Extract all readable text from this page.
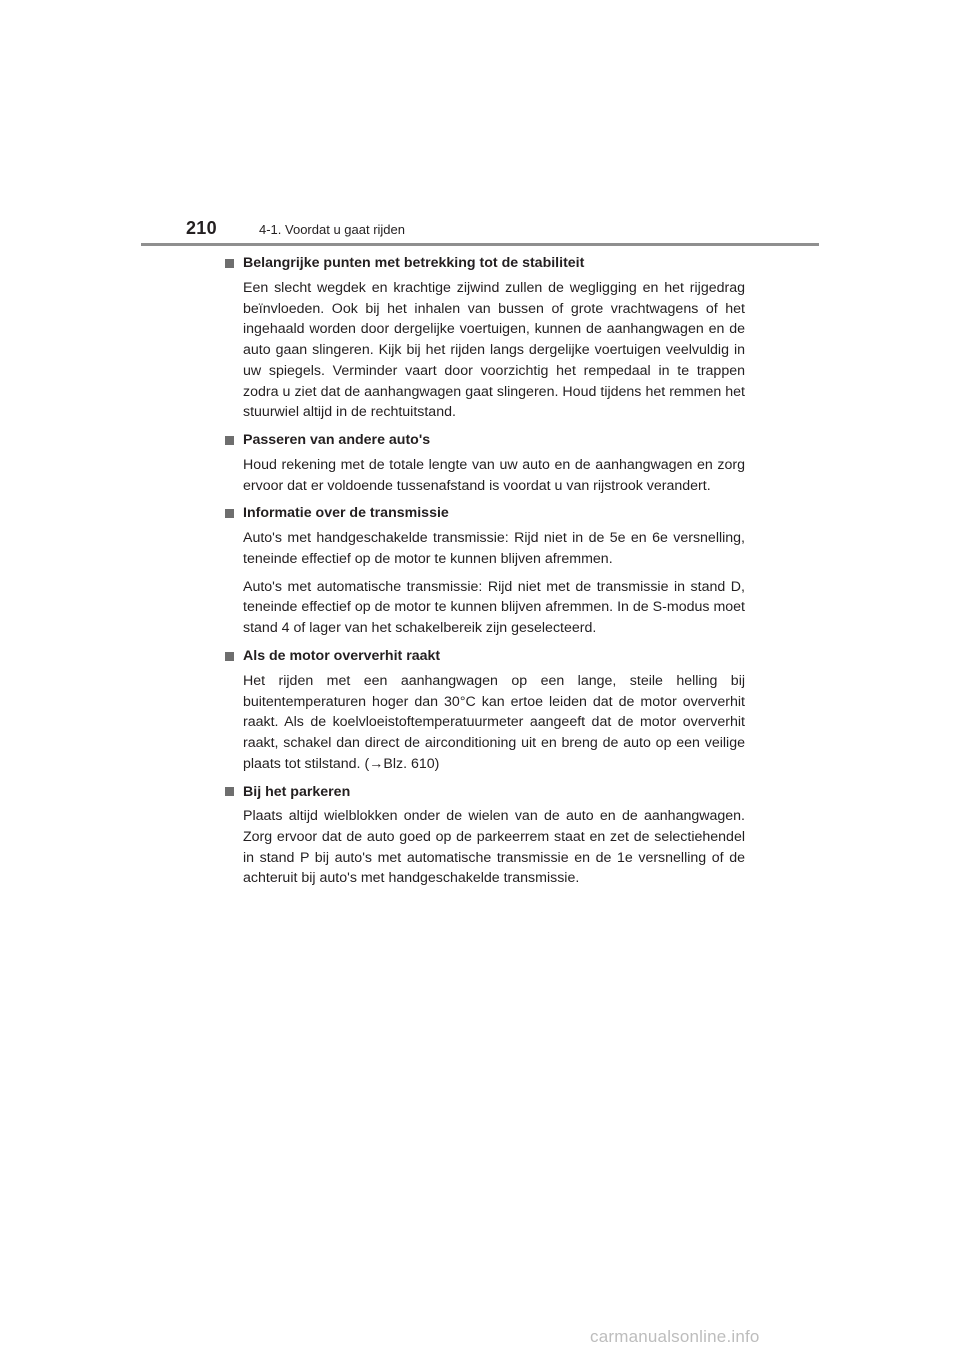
210	4-1. Voordat u gaat rijden
Belangrijke punten met betrekking tot de stabiliteit

Een slecht wegdek en krachtige zijwind zullen de wegligging en het rijgedrag beïnvloeden. Ook bij het inhalen van bussen of grote vrachtwagens of het ingehaald worden door dergelijke voertuigen, kunnen de aanhangwagen en de auto gaan slingeren. Kijk bij het rijden langs dergelijke voertuigen veelvuldig in uw spiegels. Verminder vaart door voorzichtig het rempedaal in te trappen zodra u ziet dat de aanhangwagen gaat slingeren. Houd tijdens het remmen het stuurwiel altijd in de rechtuitstand.

Passeren van andere auto's

Houd rekening met de totale lengte van uw auto en de aanhangwagen en zorg ervoor dat er voldoende tussenafstand is voordat u van rijstrook verandert.

Informatie over de transmissie

Auto's met handgeschakelde transmissie: Rijd niet in de 5e en 6e versnelling, teneinde effectief op de motor te kunnen blijven afremmen.

Auto's met automatische transmissie: Rijd niet met de transmissie in stand D, teneinde effectief op de motor te kunnen blijven afremmen. In de S-modus moet stand 4 of lager van het schakelbereik zijn geselecteerd.

Als de motor oververhit raakt

Het rijden met een aanhangwagen op een lange, steile helling bij buitentemperaturen hoger dan 30°C kan ertoe leiden dat de motor oververhit raakt. Als de koelvloeistoftemperatuurmeter aangeeft dat de motor oververhit raakt, schakel dan direct de airconditioning uit en breng de auto op een veilige plaats tot stilstand. (→Blz. 610)

Bij het parkeren

Plaats altijd wielblokken onder de wielen van de auto en de aanhangwagen. Zorg ervoor dat de auto goed op de parkeerrem staat en zet de selectiehendel in stand P bij auto's met automatische transmissie en de 1e versnelling of de achteruit bij auto's met handgeschakelde transmissie.

carmanualsonline.info
